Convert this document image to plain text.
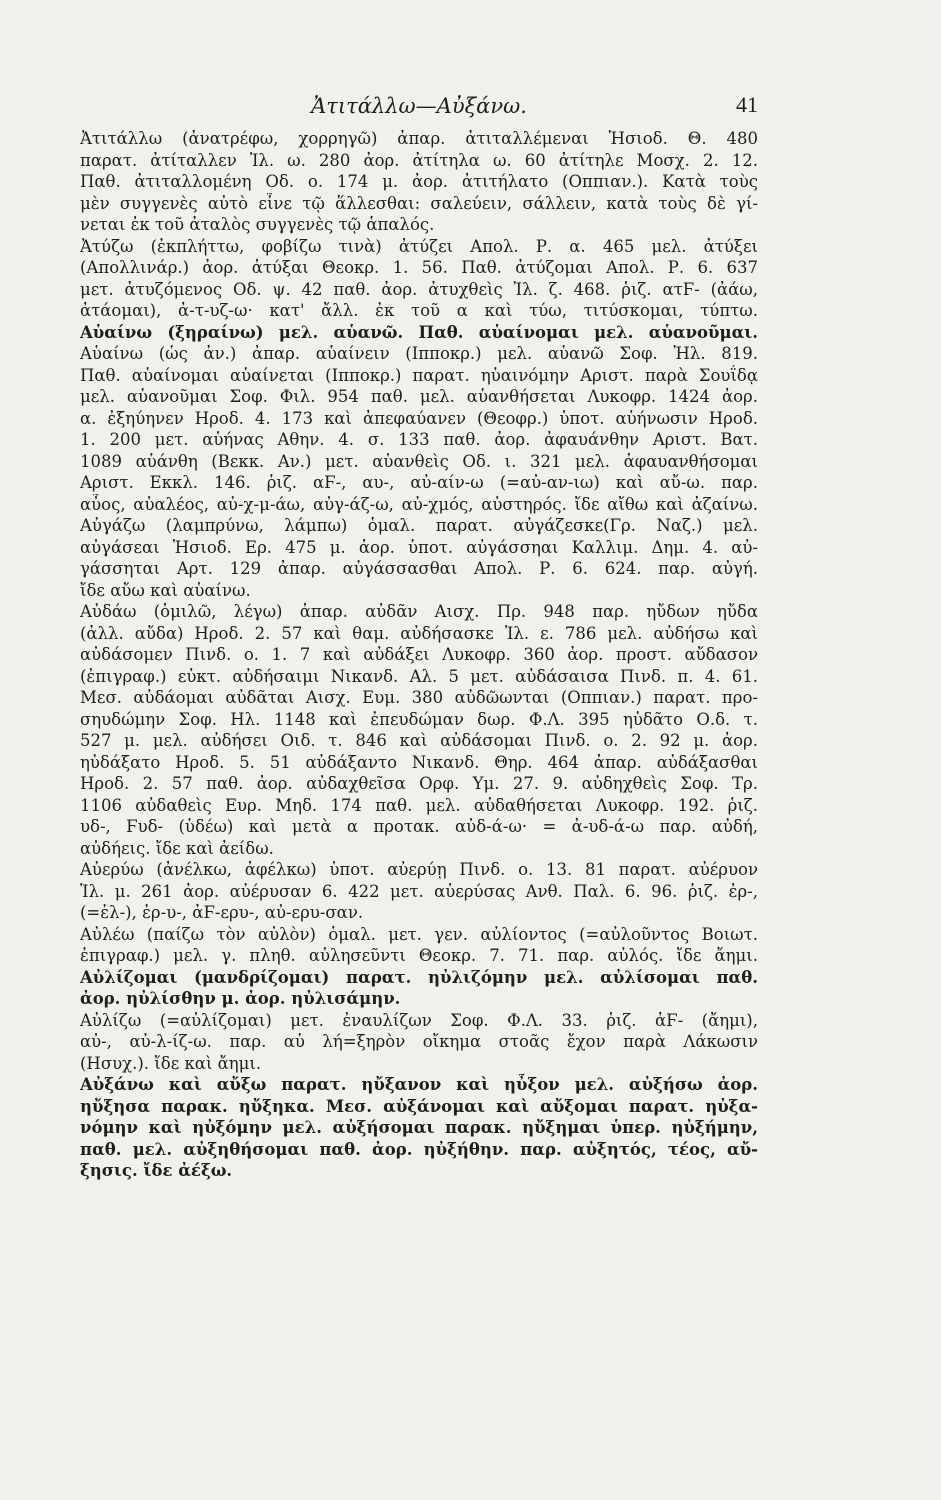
Ἀτιτάλλω—Αὐξάνω.	41
Ἀτιτάλλω (ἀνατρέφω, χορρηγῶ) ἀπαρ. ἀτιταλλέμεναι Ἡσιοδ. Θ. 480
παρατ. ἀτίταλλεν Ἰλ. ω. 280 ἀορ. ἀτίτηλα ω. 60 ἀτίτηλε Μοσχ. 2. 12.
Παθ. ἀτιταλλομένη Οδ. ο. 174 μ. ἀορ. ἀτιτήλατο (Οππιαν.). Κατὰ τοὺς
μὲν συγγενὲς αὐτὸ εἶνε τῷ ἅλλεσθαι: σαλεύειν, σάλλειν, κατὰ τοὺς δὲ γί-
νεται ἐκ τοῦ ἀταλὸς συγγενὲς τῷ ἁπαλός.
Ἀτύζω (ἐκπλήττω, φοβίζω τινὰ) ἀτύζει Απολ. Ρ. α. 465 μελ. ἀτύξει
(Απολλινάρ.) ἀορ. ἀτύξαι Θεοκρ. 1. 56. Παθ. ἀτύζομαι Απολ. Ρ. 6. 637
μετ. ἀτυζόμενος Οδ. ψ. 42 παθ. ἀορ. ἀτυχθεὶς Ἰλ. ζ. 468. ῥιζ. ατϜ- (ἀάω,
ἀτάομαι), ἀ-τ-υζ-ω· κατ' ἄλλ. ἐκ τοῦ α καὶ τύω, τιτύσκομαι, τύπτω.
Αὑαίνω (ξηραίνω) μελ. αὑανῶ. Παθ. αὑαίνομαι μελ. αὑανοῦμαι.
Αὑαίνω (ὡς ἀν.) ἀπαρ. αὑαίνειν (Ιπποκρ.) μελ. αὑανῶ Σοφ. Ἠλ. 819.
Παθ. αὑαίνομαι αὑαίνεται (Ιπποκρ.) παρατ. ηὑαινόμην Αριστ. παρὰ Σουΐδᾳ
μελ. αὑανοῦμαι Σοφ. Φιλ. 954 παθ. μελ. αὑανθήσεται Λυκοφρ. 1424 ἀορ.
α. ἐξηύηνεν Ηροδ. 4. 173 καὶ ἀπεφαύανεν (Θεοφρ.) ὑποτ. αὑήνωσιν Ηροδ.
1. 200 μετ. αὑήνας Αθην. 4. σ. 133 παθ. ἀορ. ἀφαυάνθην Αριστ. Βατ.
1089 αὑάνθη (Βεκκ. Αν.) μετ. αὑανθεὶς Οδ. ι. 321 μελ. ἀφαυανθήσομαι
Αριστ. Εκκλ. 146. ῥιζ. αϜ-, αυ-, αὐ-αίν-ω (=αὐ-αν-ιω) καὶ αὔ-ω. παρ.
αὖος, αὑαλέος, αὐ-χ-μ-άω, αὐγ-άζ-ω, αὐ-χμός, αὐστηρός. ἴδε αἴθω καὶ ἀζαίνω.
Αὐγάζω (λαμπρύνω, λάμπω) ὁμαλ. παρατ. αὐγάζεσκε(Γρ. Ναζ.) μελ.
αὐγάσεαι Ἡσιοδ. Ερ. 475 μ. ἀορ. ὑποτ. αὐγάσσηαι Καλλιμ. Δημ. 4. αὐ-
γάσσηται Αρτ. 129 ἀπαρ. αὐγάσσασθαι Απολ. Ρ. 6. 624. παρ. αὐγή.
ἴδε αὔω καὶ αὑαίνω.
Αὐδάω (ὁμιλῶ, λέγω) ἀπαρ. αὐδᾶν Αισχ. Πρ. 948 παρ. ηὔδων ηὔδα
(ἀλλ. αὔδα) Ηροδ. 2. 57 καὶ θαμ. αὐδήσασκε Ἰλ. ε. 786 μελ. αὐδήσω καὶ
αὐδάσομεν Πινδ. ο. 1. 7 καὶ αὐδάξει Λυκοφρ. 360 ἀορ. προστ. αὔδασον
(ἐπιγραφ.) εὐκτ. αὐδήσαιμι Νικανδ. Αλ. 5 μετ. αὐδάσαισα Πινδ. π. 4. 61.
Μεσ. αὐδάομαι αὐδᾶται Αισχ. Ευμ. 380 αὐδῶωνται (Οππιαν.) παρατ. προ-
σηυδώμην Σοφ. Ηλ. 1148 καὶ ἐπευδώμαν δωρ. Φ.Λ. 395 ηὐδᾶτο Ο.δ. τ.
527 μ. μελ. αὐδήσει Οιδ. τ. 846 καὶ αὐδάσομαι Πινδ. ο. 2. 92 μ. ἀορ.
ηὐδάξατο Ηροδ. 5. 51 αὐδάξαντο Νικανδ. Θηρ. 464 ἀπαρ. αὐδάξασθαι
Ηροδ. 2. 57 παθ. ἀορ. αὐδαχθεῖσα Ορφ. Υμ. 27. 9. αὐδηχθεὶς Σοφ. Τρ.
1106 αὐδαθεὶς Ευρ. Μηδ. 174 παθ. μελ. αὐδαθήσεται Λυκοφρ. 192. ῥιζ.
υδ-, Ϝυδ- (ὑδέω) καὶ μετὰ α προτακ. αὐδ-ά-ω· = ἀ-υδ-ά-ω παρ. αὐδή,
αὐδήεις. ἴδε καὶ ἀείδω.
Αὐερύω (ἀνέλκω, ἀφέλκω) ὑποτ. αὐερύῃ Πινδ. ο. 13. 81 παρατ. αὐέρυον
Ἰλ. μ. 261 ἀορ. αὐέρυσαν 6. 422 μετ. αὐερύσας Ανθ. Παλ. 6. 96. ῥιζ. ἐρ-,
(=ἑλ-), ἐρ-υ-, ἀϜ-ερυ-, αὐ-ερυ-σαν.
Αὐλέω (παίζω τὸν αὐλὸν) ὁμαλ. μετ. γεν. αὐλίοντος (=αὐλοῦντος Βοιωτ.
ἐπιγραφ.) μελ. γ. πληθ. αὐλησεῦντι Θεοκρ. 7. 71. παρ. αὐλός. ἴδε ἄημι.
Αὐλίζομαι (μανδρίζομαι) παρατ. ηὐλιζόμην μελ. αὐλίσομαι παθ.
ἀορ. ηὐλίσθην μ. ἀορ. ηὐλισάμην.
Αὐλίζω (=αὐλίζομαι) μετ. ἐναυλίζων Σοφ. Φ.Λ. 33. ῥιζ. ἀϜ- (ἄημι),
αὐ-, αὐ-λ-ίζ-ω. παρ. αὐ λή=ξηρὸν οἴκημα στοᾶς ἔχον παρὰ Λάκωσιν
(Ησυχ.). ἴδε καὶ ἄημι.
Αὐξάνω καὶ αὔξω παρατ. ηὔξανον καὶ ηὖξον μελ. αὐξήσω ἀορ.
ηὔξησα παρακ. ηὔξηκα. Μεσ. αὐξάνομαι καὶ αὔξομαι παρατ. ηὐξα-
νόμην καὶ ηὐξόμην μελ. αὐξήσομαι παρακ. ηὔξημαι ὑπερ. ηὐξήμην,
παθ. μελ. αὐξηθήσομαι παθ. ἀορ. ηὐξήθην. παρ. αὐξητός, τέος, αὔ-
ξησις. ἴδε ἀέξω.
